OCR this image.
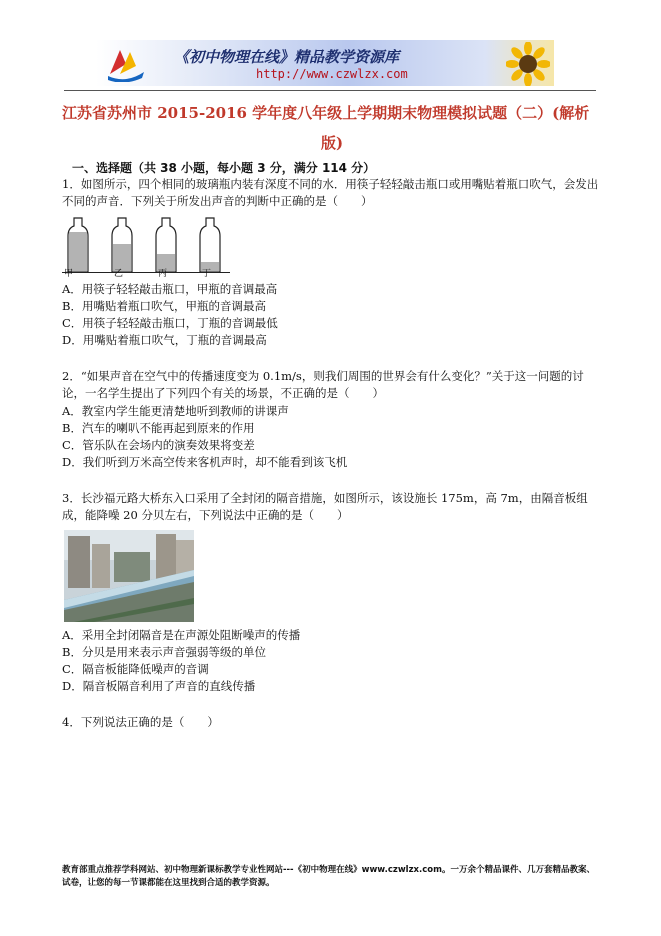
《初中物理在线》精品教学资源库
http://www.czwlzx.com
江苏省苏州市 2015-2016 学年度八年级上学期期末物理模拟试题（二）(解析
版)
一、选择题（共 38 小题，每小题 3 分，满分 114 分）
1．如图所示，四个相同的玻璃瓶内装有深度不同的水．用筷子轻轻敲击瓶口或用嘴贴着瓶口吹气，会发出不同的声音．下列关于所发出声音的判断中正确的是（　　）
甲	乙	丙	丁
A．用筷子轻轻敲击瓶口，甲瓶的音调最高
B．用嘴贴着瓶口吹气，甲瓶的音调最高
C．用筷子轻轻敲击瓶口，丁瓶的音调最低
D．用嘴贴着瓶口吹气，丁瓶的音调最高
2．“如果声音在空气中的传播速度变为 0.1m/s，则我们周围的世界会有什么变化？”关于这一问题的讨论，一名学生提出了下列四个有关的场景，不正确的是（　　）
A．教室内学生能更清楚地听到教师的讲课声
B．汽车的喇叭不能再起到原来的作用
C．管乐队在会场内的演奏效果将变差
D．我们听到万米高空传来客机声时，却不能看到该飞机
3．长沙福元路大桥东入口采用了全封闭的隔音措施，如图所示，该设施长 175m，高 7m，由隔音板组成，能降噪 20 分贝左右，下列说法中正确的是（　　）
A．采用全封闭隔音是在声源处阻断噪声的传播
B．分贝是用来表示声音强弱等级的单位
C．隔音板能降低噪声的音调
D．隔音板隔音利用了声音的直线传播
4．下列说法正确的是（　　）
教育部重点推荐学科网站、初中物理新课标教学专业性网站---《初中物理在线》www.czwlzx.com。一万余个精品课件、几万套精品教案、试卷，让您的每一节课都能在这里找到合适的教学资源。
